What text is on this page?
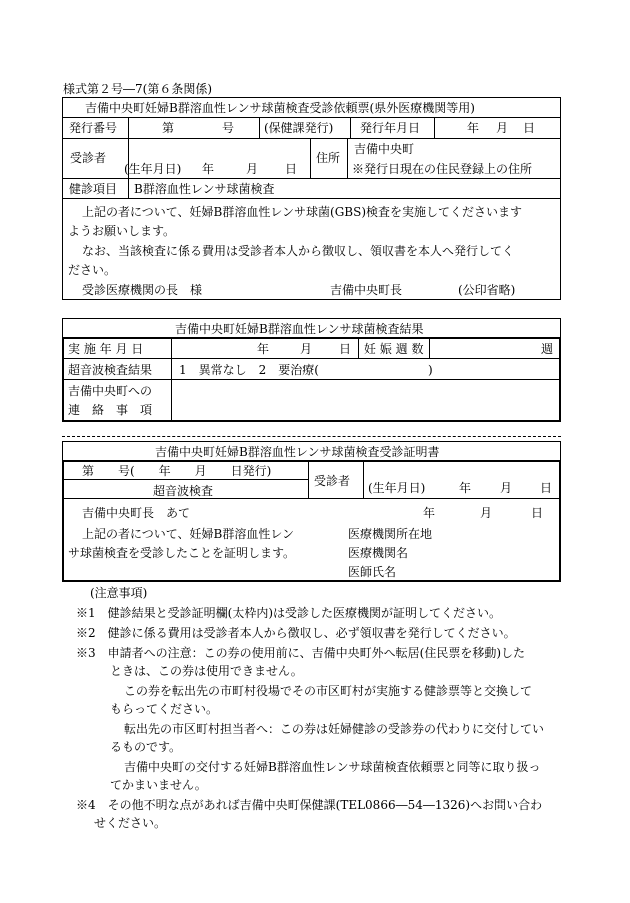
様式第２号―7(第６条関係)
吉備中央町妊婦B群溶血性レンサ球菌検査受診依頼票(県外医療機関等用)
発行番号	第	号 (保健課発行) 発行年月日	年 月 日
受診者
(生年月日) 年	月 日
住所
吉備中央町
※発行日現在の住民登録上の住所
健診項目 B群溶血性レンサ球菌検査
上記の者について、妊婦B群溶血性レンサ球菌(GBS)検査を実施してくださいます
ようお願いします。
なお、当該検査に係る費用は受診者本人から徴収し、領収書を本人へ発行してく
ださい。
受診医療機関の長　様	吉備中央町長	(公印省略)
吉備中央町妊婦B群溶血性レンサ球菌検査結果
実 施 年 月 日	年	月 日 妊 娠 週 数	週
超音波検査結果 1　異常なし　2　要治療(	)
吉備中央町への
連　絡　事　項
吉備中央町妊婦B群溶血性レンサ球菌検査受診証明書
第　　号(　　年　　月　　日発行)
超音波検査
受診者 (生年月日)	年 月 日
吉備中央町長　あて	年	月	日
上記の者について、妊婦B群溶血性レン
サ球菌検査を受診したことを証明します。
医療機関所在地
医療機関名
医師氏名
(注意事項)
※1　健診結果と受診証明欄(太枠内)は受診した医療機関が証明してください。
※2　健診に係る費用は受診者本人から徴収し、必ず領収書を発行してください。
※3　申請者への注意：この券の使用前に、吉備中央町外へ転居(住民票を移動)した
ときは、この券は使用できません。
この券を転出先の市町村役場でその市区町村が実施する健診票等と交換して
もらってください。
転出先の市区町村担当者へ：この券は妊婦健診の受診券の代わりに交付してい
るものです。
吉備中央町の交付する妊婦B群溶血性レンサ球菌検査依頼票と同等に取り扱っ
てかまいません。
※4　その他不明な点があれば吉備中央町保健課(TEL0866―54―1326)へお問い合わ
せください。
